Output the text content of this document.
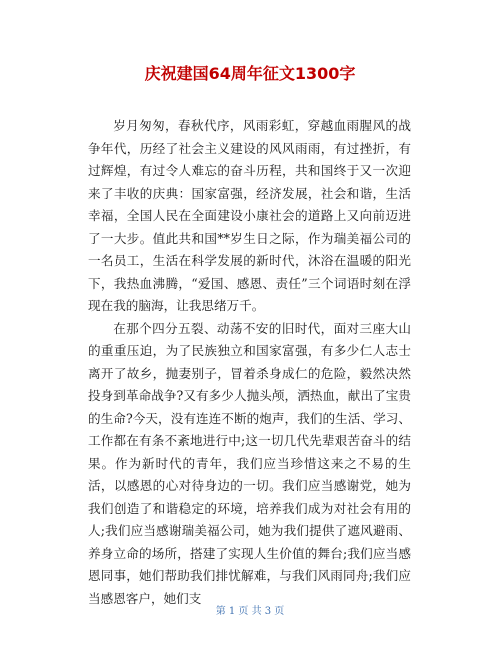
庆祝建国64周年征文1300字

岁月匆匆，春秋代序，风雨彩虹，穿越血雨腥风的战争年代，历经了社会主义建设的风风雨雨，有过挫折，有过辉煌，有过令人难忘的奋斗历程，共和国终于又一次迎来了丰收的庆典：国家富强，经济发展，社会和谐，生活幸福，全国人民在全面建设小康社会的道路上又向前迈进了一大步。值此共和国**岁生日之际，作为瑞美福公司的一名员工，生活在科学发展的新时代，沐浴在温暖的阳光下，我热血沸腾，“爱国、感恩、责任”三个词语时刻在浮现在我的脑海，让我思绪万千。

在那个四分五裂、动荡不安的旧时代，面对三座大山的重重压迫，为了民族独立和国家富强，有多少仁人志士离开了故乡，抛妻别子，冒着杀身成仁的危险，毅然决然投身到革命战争?又有多少人抛头颅，洒热血，献出了宝贵的生命?今天，没有连连不断的炮声，我们的生活、学习、工作都在有条不紊地进行中;这一切几代先辈艰苦奋斗的结果。作为新时代的青年，我们应当珍惜这来之不易的生活，以感恩的心对待身边的一切。我们应当感谢党，她为我们创造了和谐稳定的环境，培养我们成为对社会有用的人;我们应当感谢瑞美福公司，她为我们提供了遮风避雨、养身立命的场所，搭建了实现人生价值的舞台;我们应当感恩同事，她们帮助我们排忧解难，与我们风雨同舟;我们应当感恩客户，她们支

第 1 页 共 3 页
